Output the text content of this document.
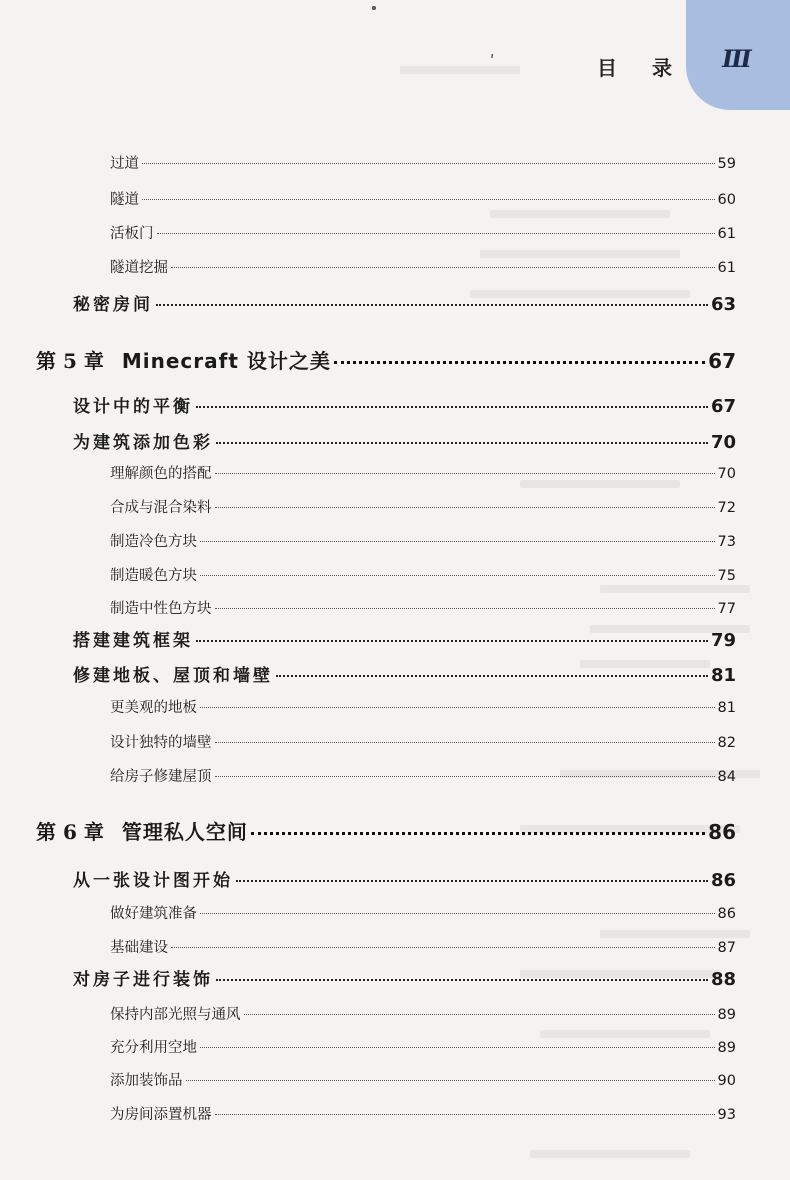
ʹ	目 录 III
过道	59
隧道	60
活板门	61
隧道挖掘	61
秘密房间	63
第 5 章 Minecraft 设计之美	67
设计中的平衡	67
为建筑添加色彩	70
理解颜色的搭配	70
合成与混合染料	72
制造冷色方块	73
制造暖色方块	75
制造中性色方块	77
搭建建筑框架	79
修建地板、屋顶和墙壁	81
更美观的地板	81
设计独特的墙壁	82
给房子修建屋顶	84
第 6 章 管理私人空间	86
从一张设计图开始	86
做好建筑准备	86
基础建设	87
对房子进行装饰	88
保持内部光照与通风	89
充分利用空地	89
添加装饰品	90
为房间添置机器	93
